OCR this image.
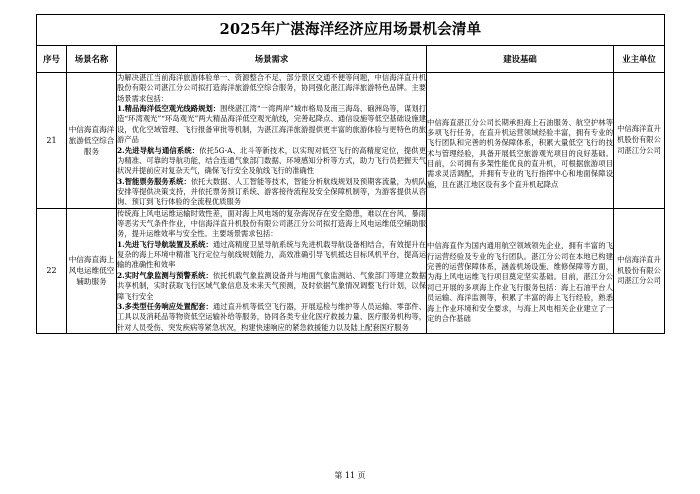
2025年广湛海洋经济应用场景机会清单				
序号	场景名称	场景需求	建设基础	业主单位
21	中信海直海洋旅游低空综合服务	为解决湛江当前海洋旅游体验单一、资源整合不足、部分景区交通不便等问题，中信海洋直升机股份有限公司湛江分公司拟打造海洋旅游低空综合服务，协同强化湛江海洋旅游特色品牌。主要场景需求包括：

1.精品海洋低空观光线路规划：围绕湛江湾“一湾两岸”城市格局及南三海岛、硇洲岛等，谋划打造“环湾观光”“环岛观光”两大精品海洋低空观光航线，完善起降点、通信设施等低空基础设施建设，优化空域管理、飞行报备审批等机制，为湛江海洋旅游提供更丰富的旅游体验与更特色的旅游产品

2.先进导航与通信系统：依托5G-A、北斗等新技术，以实现对低空飞行的高精度定位，提供更为精准、可靠的导航功能，结合连通气象部门数据、环境感知分析等方式，助力飞行员把握天气状况并提前应对复杂天气，确保飞行安全及航线飞行的准确性

3.智能票务服务系统：依托大数据、人工智能等技术，智能分析航线规划及预期客流量，为机队安排等提供决策支持，并依托票务预订系统、游客接待流程及安全保障机制等，为游客提供从咨询、预订到飞行体验的全流程优质服务	中信海直湛江分公司长期承担海上石油服务、航空护林等多项飞行任务，在直升机运营领域经验丰富，拥有专业的飞行团队和完善的机务保障体系，积累大量低空飞行的技术与管理经验，具备开展低空旅游观光项目的良好基础。目前，公司拥有多架性能优良的直升机，可根据旅游项目需求灵活调配，并拥有专业的飞行指挥中心和地面保障设施，且在湛江地区设有多个直升机起降点	中信海洋直升机股份有限公司湛江分公司
22	中信海直海上风电运维低空辅助服务	传统海上风电运维运输时效性差，面对海上风电场的复杂海况存在安全隐患，难以在台风、暴雨等恶劣天气条件作业，中信海洋直升机股份有限公司湛江分公司拟打造海上风电运维低空辅助服务，提升运维效率与安全性。主要场景需求包括：

1.先进飞行导航装置及系统：通过高精度卫星导航系统与先进机载导航设备相结合，有效提升在复杂的海上环境中精准飞行定位与航线规划能力，高效准确引导飞机抵达目标风机平台，提高运输的准确性和效率

2.实时气象监测与预警系统：依托机载气象监测设备并与地面气象监测站、气象部门等建立数据共享机制，实时获取飞行区域气象信息及未来天气预测，及时依据气象情况调整飞行计划，以保障飞行安全

3.多类型任务响应处置配套：通过直升机等低空飞行器，开展巡检与维护等人员运输、零部件、工具以及消耗品等物资低空运输补给等服务，协同各类专业化医疗救援力量、医疗服务机构等，针对人员受伤、突发疾病等紧急状况，构建快速响应的紧急救援能力以及陆上配套医疗服务	中信海直作为国内通用航空领域领先企业，拥有丰富的飞行运营经验及专业的飞行团队。湛江分公司在本地已构建完善的运营保障体系，涵盖机场设施、维修保障等方面，为海上风电运维飞行项目奠定坚实基础。目前，湛江分公司已开展的多项海上作业飞行服务包括：海上石油平台人员运输、海洋监测等，积累了丰富的海上飞行经验，熟悉海上作业环境和安全要求，与海上风电相关企业建立了一定的合作基础	中信海洋直升机股份有限公司湛江分公司
第 11 页
